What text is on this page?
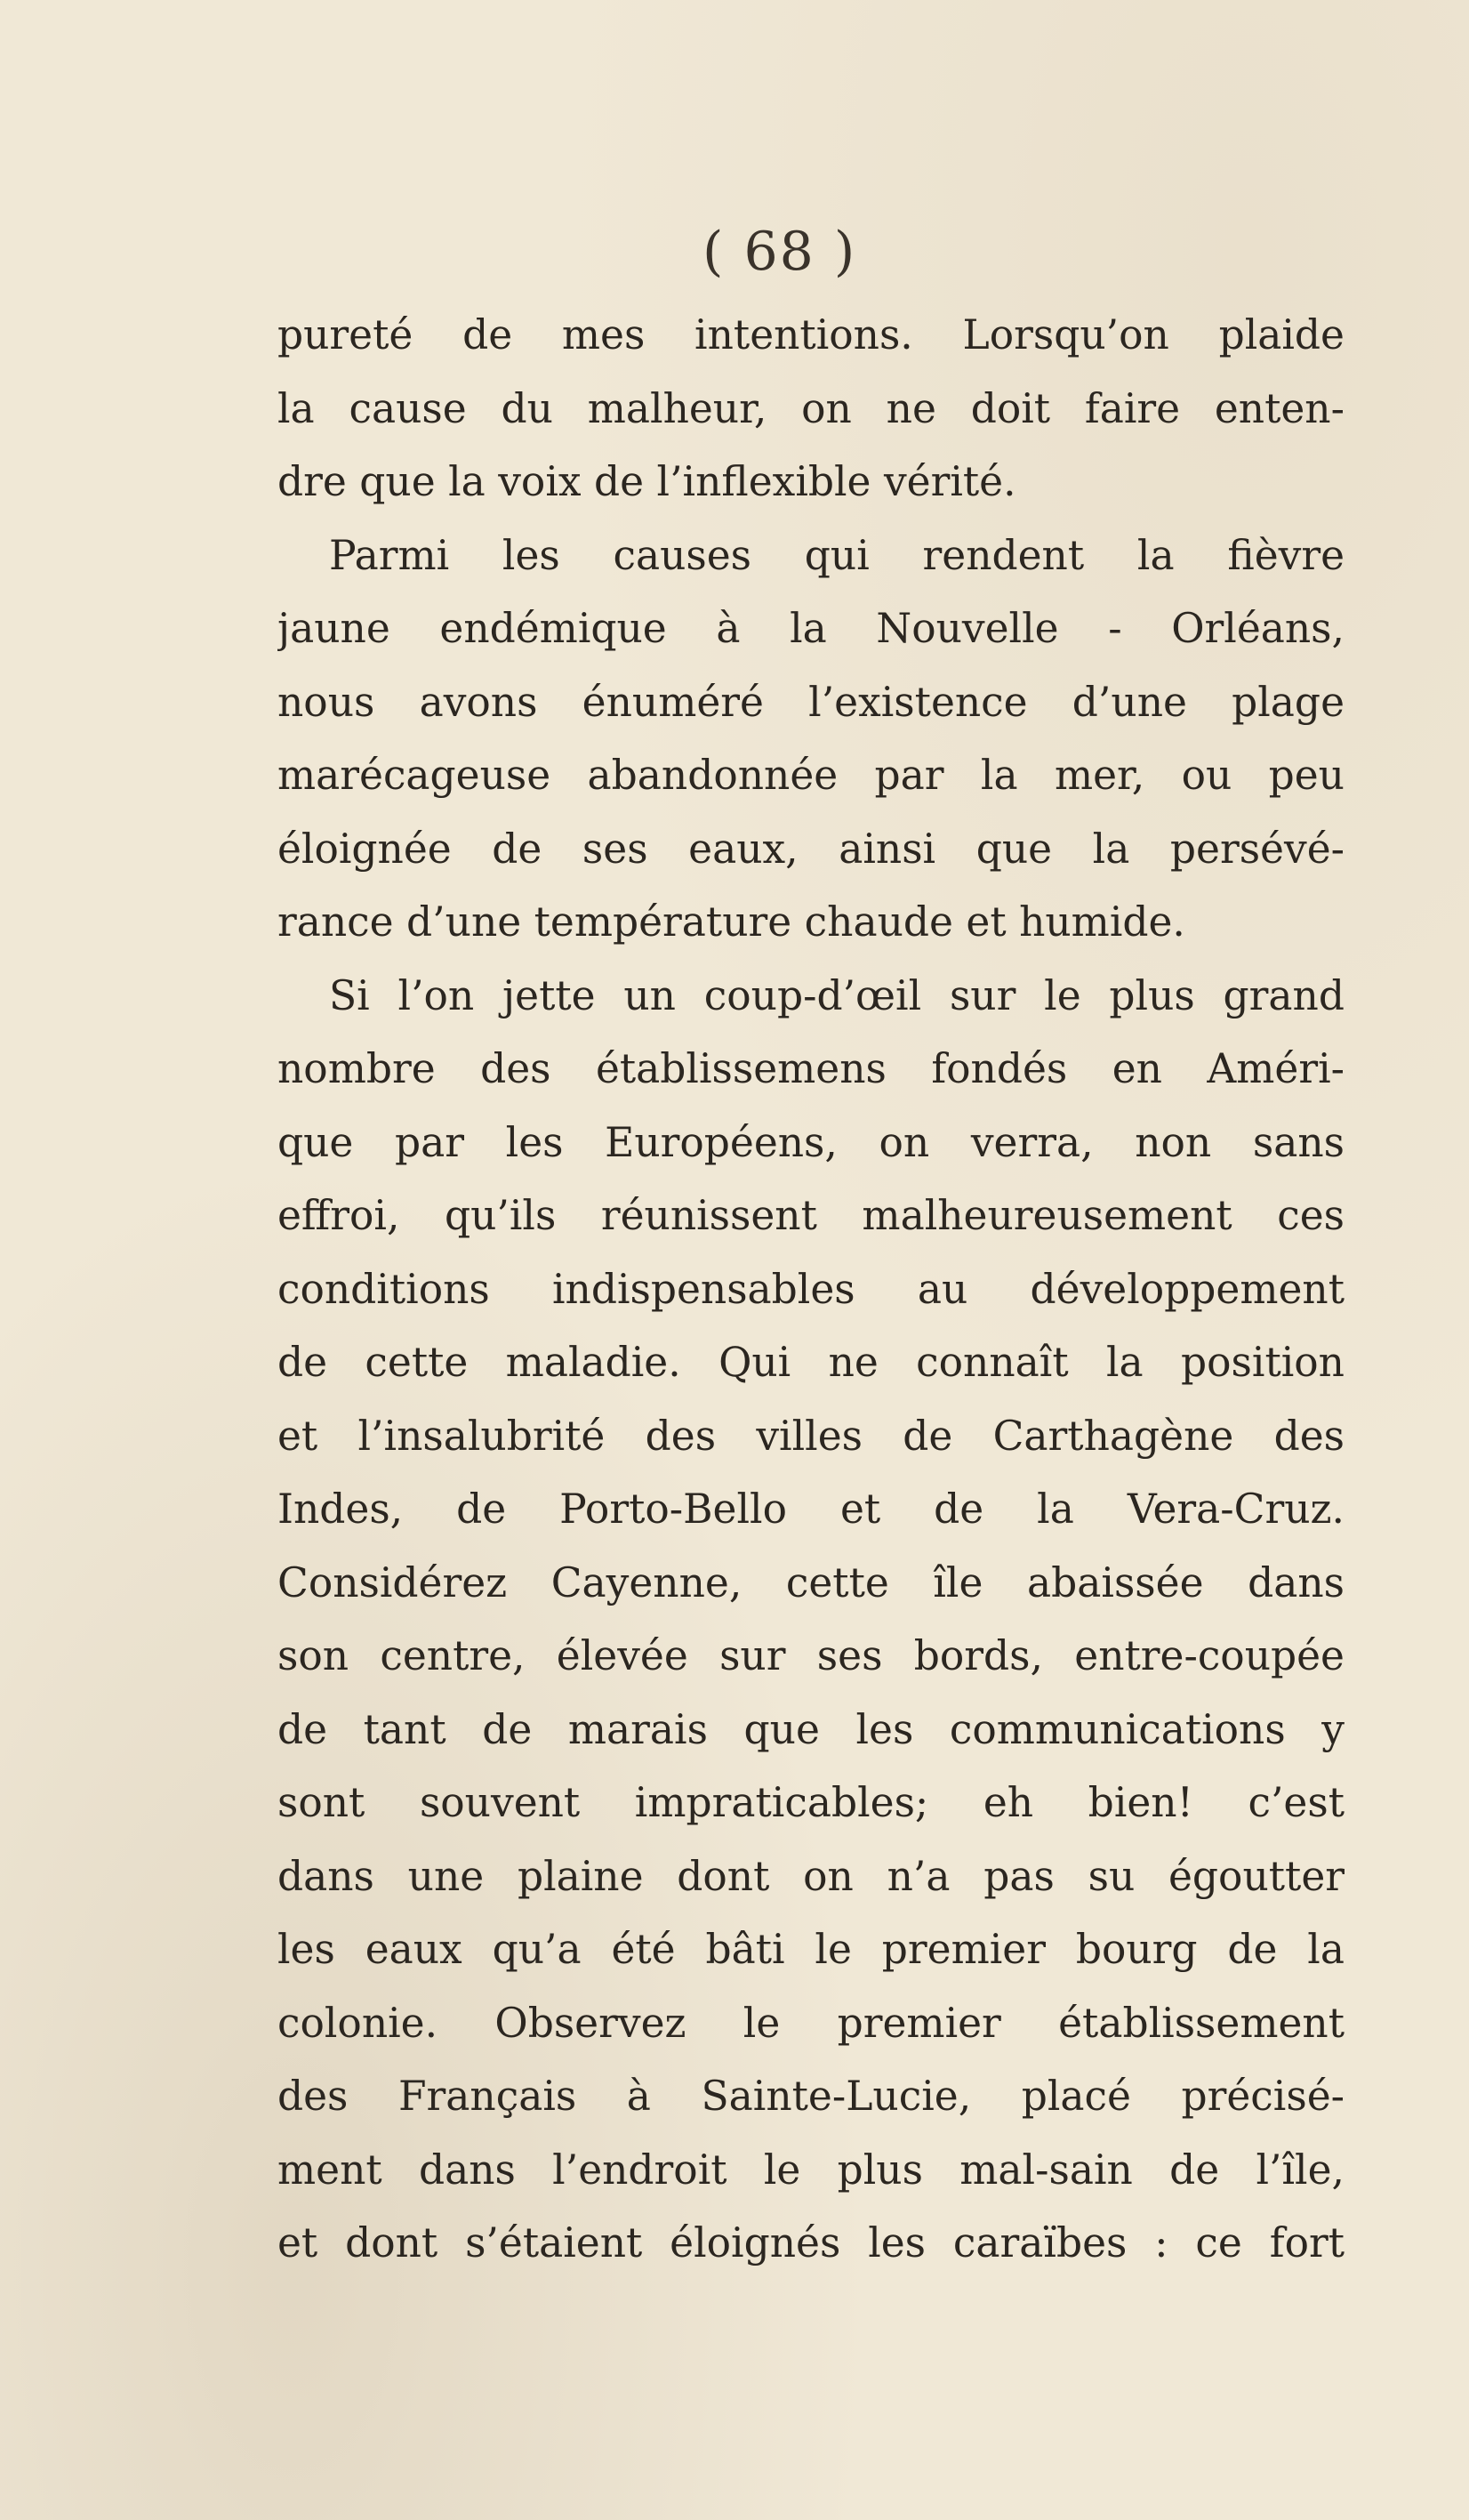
( 68 )
pureté de mes intentions. Lorsqu’on plaide
la cause du malheur, on ne doit faire enten-
dre que la voix de l’inflexible vérité.
Parmi les causes qui rendent la fièvre
jaune endémique à la Nouvelle - Orléans,
nous avons énuméré l’existence d’une plage
marécageuse abandonnée par la mer, ou peu
éloignée de ses eaux, ainsi que la persévé-
rance d’une température chaude et humide.
Si l’on jette un coup-d’œil sur le plus grand
nombre des établissemens fondés en Améri-
que par les Européens, on verra, non sans
effroi, qu’ils réunissent malheureusement ces
conditions indispensables au développement
de cette maladie. Qui ne connaît la position
et l’insalubrité des villes de Carthagène des
Indes, de Porto-Bello et de la Vera-Cruz.
Considérez Cayenne, cette île abaissée dans
son centre, élevée sur ses bords, entre-coupée
de tant de marais que les communications y
sont souvent impraticables; eh bien! c’est
dans une plaine dont on n’a pas su égoutter
les eaux qu’a été bâti le premier bourg de la
colonie. Observez le premier établissement
des Français à Sainte-Lucie, placé précisé-
ment dans l’endroit le plus mal-sain de l’île,
et dont s’étaient éloignés les caraïbes : ce fort
